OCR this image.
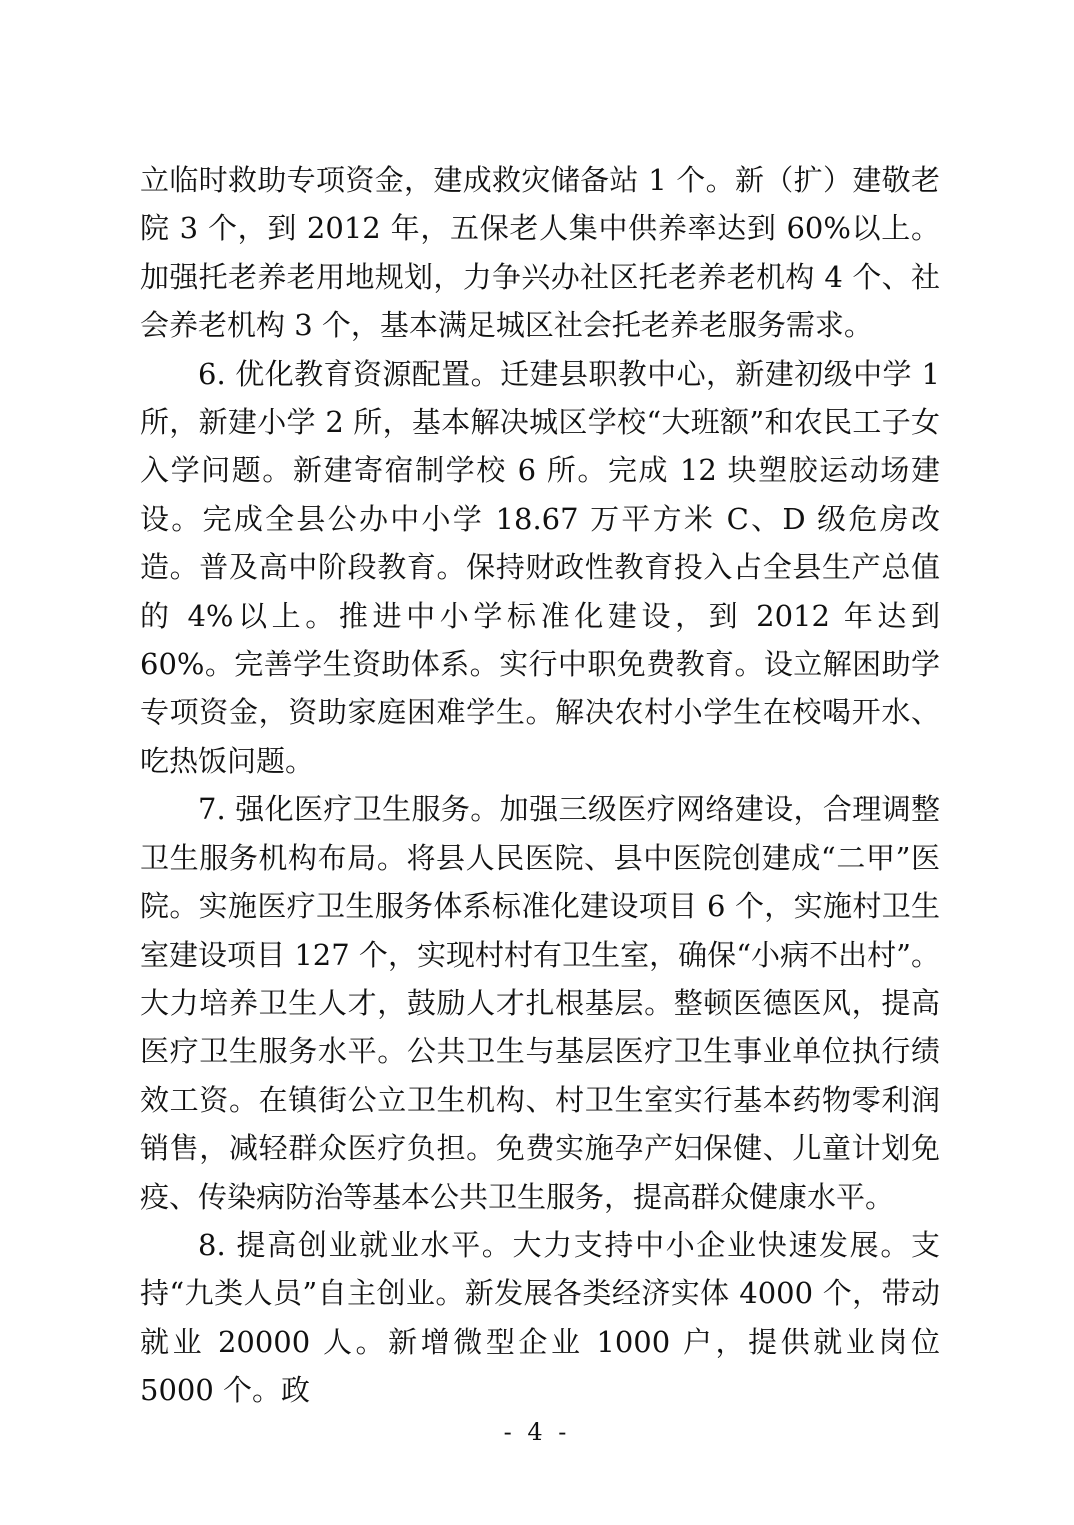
立临时救助专项资金，建成救灾储备站 1 个。新（扩）建敬老院 3 个，到 2012 年，五保老人集中供养率达到 60%以上。加强托老养老用地规划，力争兴办社区托老养老机构 4 个、社会养老机构 3 个，基本满足城区社会托老养老服务需求。

6. 优化教育资源配置。迁建县职教中心，新建初级中学 1 所，新建小学 2 所，基本解决城区学校“大班额”和农民工子女入学问题。新建寄宿制学校 6 所。完成 12 块塑胶运动场建设。完成全县公办中小学 18.67 万平方米 C、D 级危房改造。普及高中阶段教育。保持财政性教育投入占全县生产总值的 4%以上。推进中小学标准化建设，到 2012 年达到 60%。完善学生资助体系。实行中职免费教育。设立解困助学专项资金，资助家庭困难学生。解决农村小学生在校喝开水、吃热饭问题。

7. 强化医疗卫生服务。加强三级医疗网络建设，合理调整卫生服务机构布局。将县人民医院、县中医院创建成“二甲”医院。实施医疗卫生服务体系标准化建设项目 6 个，实施村卫生室建设项目 127 个，实现村村有卫生室，确保“小病不出村”。大力培养卫生人才，鼓励人才扎根基层。整顿医德医风，提高医疗卫生服务水平。公共卫生与基层医疗卫生事业单位执行绩效工资。在镇街公立卫生机构、村卫生室实行基本药物零利润销售，减轻群众医疗负担。免费实施孕产妇保健、儿童计划免疫、传染病防治等基本公共卫生服务，提高群众健康水平。

8. 提高创业就业水平。大力支持中小企业快速发展。支持“九类人员”自主创业。新发展各类经济实体 4000 个，带动就业 20000 人。新增微型企业 1000 户，提供就业岗位 5000 个。政

- 4 -
